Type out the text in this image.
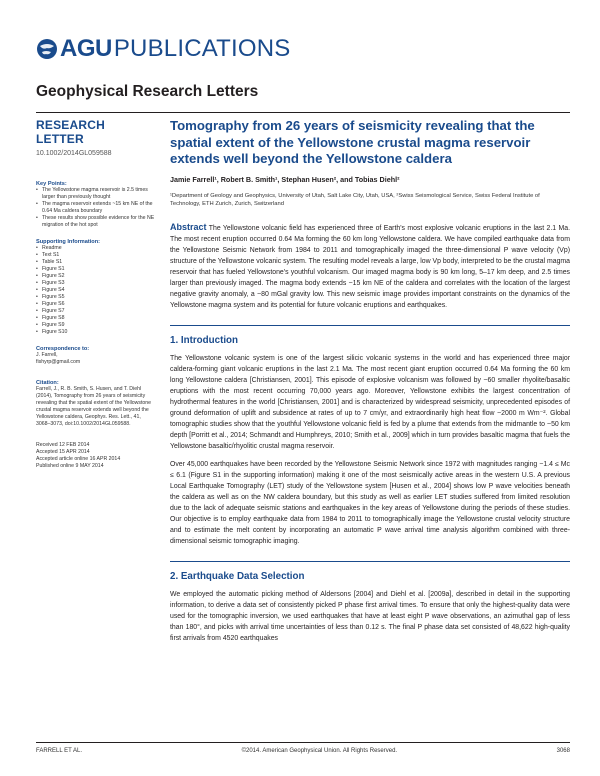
AGU PUBLICATIONS
Geophysical Research Letters
RESEARCH LETTER
10.1002/2014GL059588
Key Points:
• The Yellowstone magma reservoir is 2.5 times larger than previously thought
• The magma reservoir extends ~15 km NE of the 0.64 Ma caldera boundary
• These results show possible evidence for the NE migration of the hot spot
Supporting Information:
• Readme
• Text S1
• Table S1
• Figure S1
• Figure S2
• Figure S3
• Figure S4
• Figure S5
• Figure S6
• Figure S7
• Figure S8
• Figure S9
• Figure S10
Correspondence to:
J. Farrell,
fishyrp@gmail.com
Citation:
Farrell, J., R. B. Smith, S. Husen, and T. Diehl (2014), Tomography from 26 years of seismicity revealing that the spatial extent of the Yellowstone crustal magma reservoir extends well beyond the Yellowstone caldera, Geophys. Res. Lett., 41, 3068–3073, doi:10.1002/2014GL059588.
Received 12 FEB 2014
Accepted 15 APR 2014
Accepted article online 16 APR 2014
Published online 9 MAY 2014
Tomography from 26 years of seismicity revealing that the spatial extent of the Yellowstone crustal magma reservoir extends well beyond the Yellowstone caldera
Jamie Farrell¹, Robert B. Smith¹, Stephan Husen², and Tobias Diehl²
¹Department of Geology and Geophysics, University of Utah, Salt Lake City, Utah, USA, ²Swiss Seismological Service, Swiss Federal Institute of Technology, ETH Zurich, Zurich, Switzerland
Abstract The Yellowstone volcanic field has experienced three of Earth's most explosive volcanic eruptions in the last 2.1 Ma. The most recent eruption occurred 0.64 Ma forming the 60 km long Yellowstone caldera. We have compiled earthquake data from the Yellowstone Seismic Network from 1984 to 2011 and tomographically imaged the three-dimensional P wave velocity (Vp) structure of the Yellowstone volcanic system. The resulting model reveals a large, low Vp body, interpreted to be the crustal magma reservoir that has fueled Yellowstone's youthful volcanism. Our imaged magma body is 90 km long, 5–17 km deep, and 2.5 times larger than previously imaged. The magma body extends ~15 km NE of the caldera and correlates with the location of the largest negative gravity anomaly, a ~80 mGal gravity low. This new seismic image provides important constraints on the dynamics of the Yellowstone magma system and its potential for future volcanic eruptions and earthquakes.
1. Introduction
The Yellowstone volcanic system is one of the largest silicic volcanic systems in the world and has experienced three major caldera-forming giant volcanic eruptions in the last 2.1 Ma. The most recent giant eruption occurred 0.64 Ma forming the 60 km long Yellowstone caldera [Christiansen, 2001]. This episode of explosive volcanism was followed by ~60 smaller rhyolite/basaltic eruptions with the most recent occurring 70,000 years ago. Moreover, Yellowstone exhibits the largest concentration of hydrothermal features in the world [Christiansen, 2001] and is characterized by widespread seismicity, unprecedented episodes of ground deformation of uplift and subsidence at rates of up to 7 cm/yr, and extraordinarily high heat flow ~2000 m Wm⁻². Global tomographic studies show that the youthful Yellowstone volcanic field is fed by a plume that extends from the midmantle to ~50 km depth [Porritt et al., 2014; Schmandt and Humphreys, 2010; Smith et al., 2009] which in turn provides basaltic magma that fuels the Yellowstone basaltic/rhyolitic crustal magma reservoir.
Over 45,000 earthquakes have been recorded by the Yellowstone Seismic Network since 1972 with magnitudes ranging −1.4 ≤ Mc ≤ 6.1 (Figure S1 in the supporting information) making it one of the most seismically active areas in the western U.S. A previous Local Earthquake Tomography (LET) study of the Yellowstone system [Husen et al., 2004] shows low P wave velocities beneath the caldera as well as on the NW caldera boundary, but this study as well as earlier LET studies suffered from limited resolution due to the lack of adequate seismic stations and earthquakes in the key areas of Yellowstone during the periods of these studies. Our objective is to employ earthquake data from 1984 to 2011 to tomographically image the Yellowstone crustal velocity structure and to estimate the melt content by incorporating an automatic P wave arrival time analysis algorithm combined with three-dimensional seismic tomographic imaging.
2. Earthquake Data Selection
We employed the automatic picking method of Aldersons [2004] and Diehl et al. [2009a], described in detail in the supporting information, to derive a data set of consistently picked P phase first arrival times. To ensure that only the highest-quality data were used for the tomographic inversion, we used earthquakes that have at least eight P wave observations, an azimuthal gap of less than 180°, and picks with arrival time uncertainties of less than 0.12 s. The final P phase data set consisted of 48,622 high-quality first arrivals from 4520 earthquakes
FARRELL ET AL.	©2014. American Geophysical Union. All Rights Reserved.	3068
